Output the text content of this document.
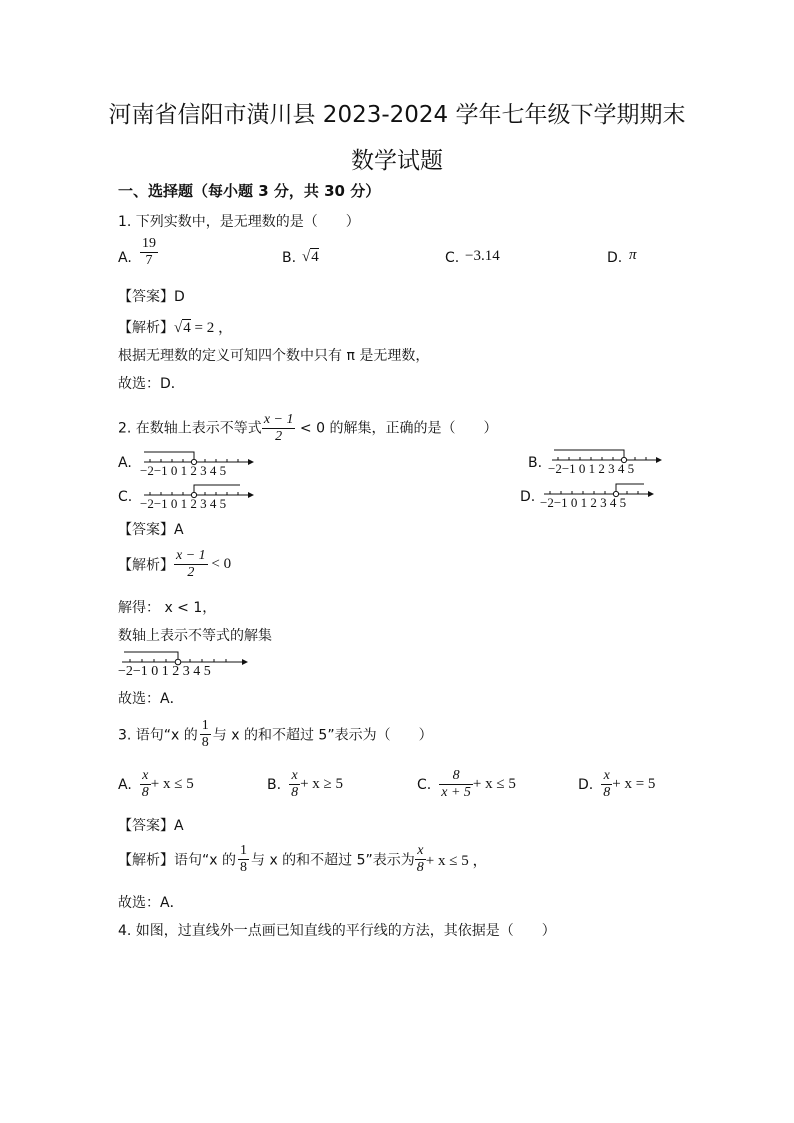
河南省信阳市潢川县 2023-2024 学年七年级下学期期末
数学试题
一、选择题（每小题 3 分，共 30 分）
1. 下列实数中，是无理数的是（　　）
A. $\frac{19}{7}$	B. √4	C. −3.14	D. π
【答案】D
【解析】√4 = 2 ，
根据无理数的定义可知四个数中只有 π 是无理数，
故选：D．
2. 在数轴上表示不等式 $\frac{x - 1}{2} < 0$ 的解集，正确的是（　　）
A. −2−1 0 1 2 3 4 5	B. −2−1 0 1 2 3 4 5
C. −2−1 0 1 2 3 4 5	D. −2−1 0 1 2 3 4 5
【答案】A
【解析】 $\frac{x - 1}{2} < 0$
解得： x < 1，
数轴上表示不等式的解集
−2−1 0 1 2 3 4 5
故选：A．
3. 语句“x 的 $\frac{1}{8}$ 与 x 的和不超过 5”表示为（　　）
A. $\frac{x}{8} + x \le 5$	B. $\frac{x}{8} + x \ge 5$	C. $\frac{8}{x + 5} + x \le 5$	D. $\frac{x}{8} + x = 5$
【答案】A
【解析】语句“x 的 $\frac{1}{8}$ 与 x 的和不超过 5”表示为 $\frac{x}{8} + x \le 5$ ，
故选：A．
4. 如图，过直线外一点画已知直线的平行线的方法，其依据是（　　）
